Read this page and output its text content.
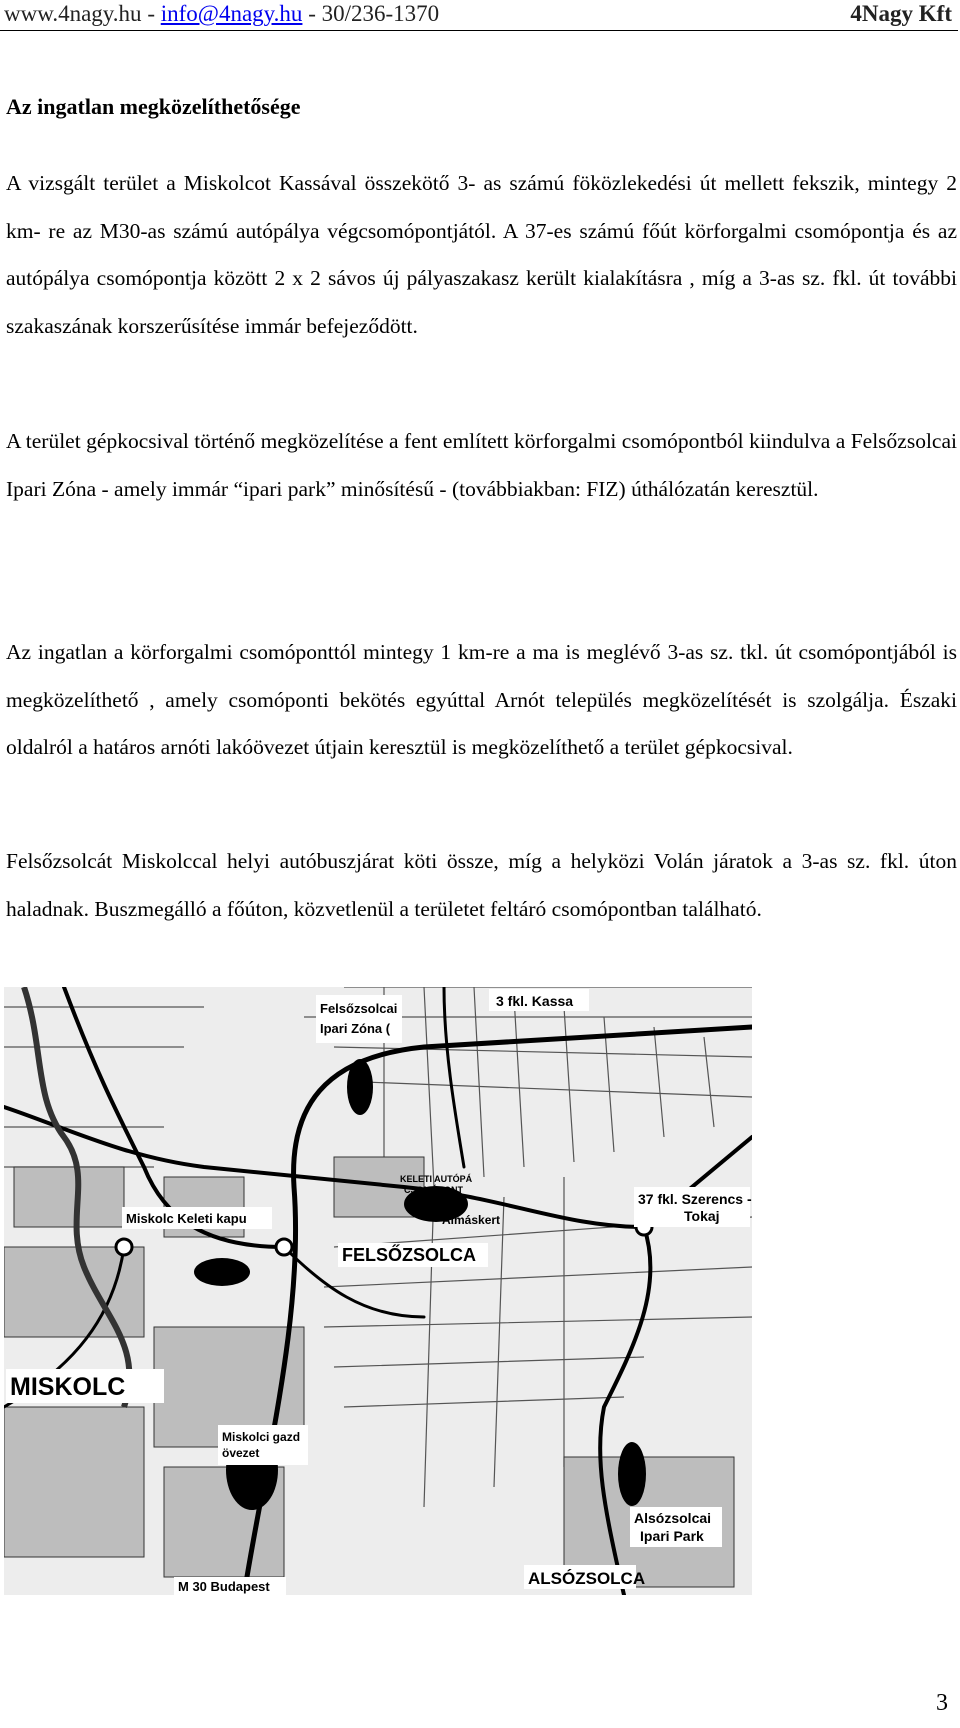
www.4nagy.hu - info@4nagy.hu - 30/236-1370	4Nagy Kft
Az ingatlan megközelíthetősége

A vizsgált terület a Miskolcot Kassával összekötő 3- as számú föközlekedési út mellett fekszik, mintegy 2 km- re az M30-as számú autópálya végcsomópontjától. A 37-es számú főút körforgalmi csomópontja és az autópálya csomópontja között 2 x 2 sávos új pályaszakasz került kialakításra , míg a 3-as sz. fkl. út további szakaszának korszerűsítése immár befejeződött.

A terület gépkocsival történő megközelítése a fent említett körforgalmi csomópontból kiindulva a Felsőzsolcai Ipari Zóna - amely immár “ipari park” minősítésű - (továbbiakban: FIZ) úthálózatán keresztül.

Az ingatlan a körforgalmi csomóponttól mintegy 1 km-re a ma is meglévő 3-as sz. tkl. út csomópontjából is megközelíthető , amely csomóponti bekötés egyúttal Arnót település megközelítését is szolgálja. Északi oldalról a határos arnóti lakóövezet útjain keresztül is megközelíthető a terület gépkocsival.

Felsőzsolcát Miskolccal helyi autóbuszjárat köti össze, míg a helyközi Volán járatok a 3-as sz. fkl. úton haladnak. Buszmegálló a főúton, közvetlenül a területet feltáró csomópontban található.

Felsőzsolcai
Ipari Zóna (
3 fkl. Kassa
KELETI AUTÓPÁ
CSOMÓPONT
37 fkl. Szerencs -
Tokaj
Almáskert
Miskolc Keleti kapu
FELSŐZSOLCA
MISKOLC
Miskolci gazd
övezet
Alsózsolcai
Ipari Park
ALSÓZSOLCA
M 30 Budapest
3
